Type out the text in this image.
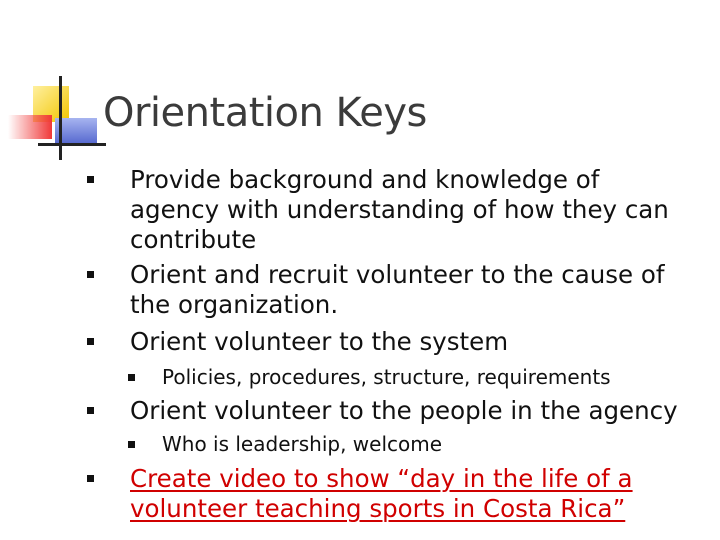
Orientation Keys
Provide background and knowledge of agency with understanding of how they can contribute
Orient and recruit volunteer to the cause of the organization.
Orient volunteer to the system
Policies, procedures, structure, requirements
Orient volunteer to the people in the agency
Who is leadership, welcome
Create video to show “day in the life of a volunteer teaching sports in Costa Rica”
